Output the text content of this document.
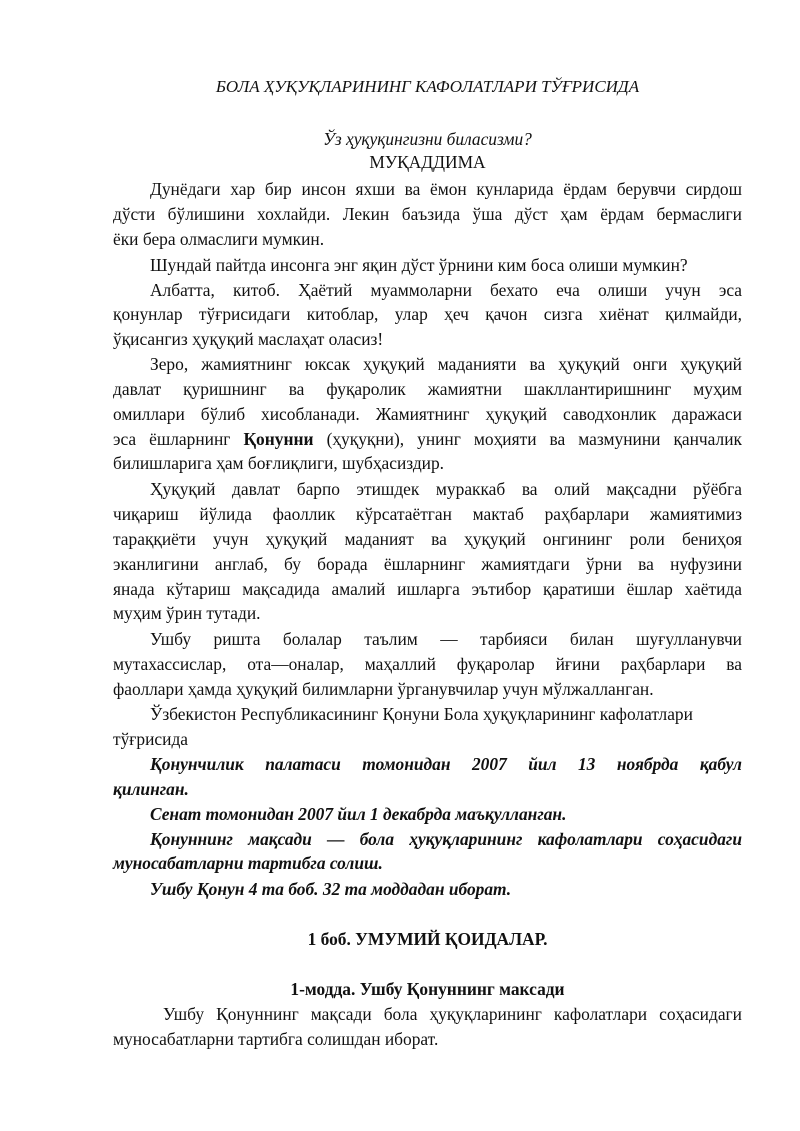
БОЛА ҲУҚУҚЛАРИНИНГ КАФОЛАТЛАРИ ТЎҒРИСИДА

Ўз ҳуқуқингизни биласизми?

МУҚАДДИМА

Дунёдаги хар бир инсон яхши ва ёмон кунларида ёрдам берувчи сирдош

дўсти бўлишини хохлайди. Лекин баъзида ўша дўст ҳам ёрдам бермаслиги

ёки бера олмаслиги мумкин.

Шундай пайтда инсонга энг яқин дўст ўрнини ким боса олиши мумкин?

Албатта, китоб. Ҳаётий муаммоларни бехато еча олиши учун эса

қонунлар тўғрисидаги китоблар, улар ҳеч қачон сизга хиёнат қилмайди,

ўқисангиз ҳуқуқий маслаҳат оласиз!

Зеро, жамиятнинг юксак ҳуқуқий маданияти ва ҳуқуқий онги ҳуқуқий

давлат қуришнинг ва фуқаролик жамиятни шакллантиришнинг муҳим

омиллари бўлиб хисобланади. Жамиятнинг ҳуқуқий саводхонлик даражаси

эса ёшларнинг Қонунни (ҳуқуқни), унинг моҳияти ва мазмунини қанчалик

билишларига ҳам боғлиқлиги, шубҳасиздир.

Ҳуқуқий давлат барпо этишдек мураккаб ва олий мақсадни рўёбга

чиқариш йўлида фаоллик кўрсатаётган мактаб раҳбарлари жамиятимиз

тараққиёти учун ҳуқуқий маданият ва ҳуқуқий онгининг роли бениҳоя

эканлигини англаб, бу борада ёшларнинг жамиятдаги ўрни ва нуфузини

янада кўтариш мақсадида амалий ишларга эътибор қаратиши ёшлар хаётида

муҳим ўрин тутади.

Ушбу ришта болалар таълим — тарбияси билан шуғулланувчи

мутахассислар, ота—оналар, маҳаллий фуқаролар йғини раҳбарлари ва

фаоллари ҳамда ҳуқуқий билимларни ўрганувчилар учун мўлжалланган.

Ўзбекистон Республикасининг Қонуни Бола ҳуқуқларининг кафолатлари

тўғрисида

Қонунчилик палатаси томонидан 2007 йил 13 ноябрда қабул

қилинган.

Сенат томонидан 2007 йил 1 декабрда маъқулланган.

Қонуннинг мақсади — бола ҳуқуқларининг кафолатлари соҳасидаги

муносабатларни тартибга солиш.

Ушбу Қонун 4 та боб. 32 та моддадан иборат.

1 боб. УМУМИЙ ҚОИДАЛАР.

1-модда. Ушбу Қонуннинг максади

Ушбу Қонуннинг мақсади бола ҳуқуқларининг кафолатлари соҳасидаги

муносабатларни тартибга солишдан иборат.
